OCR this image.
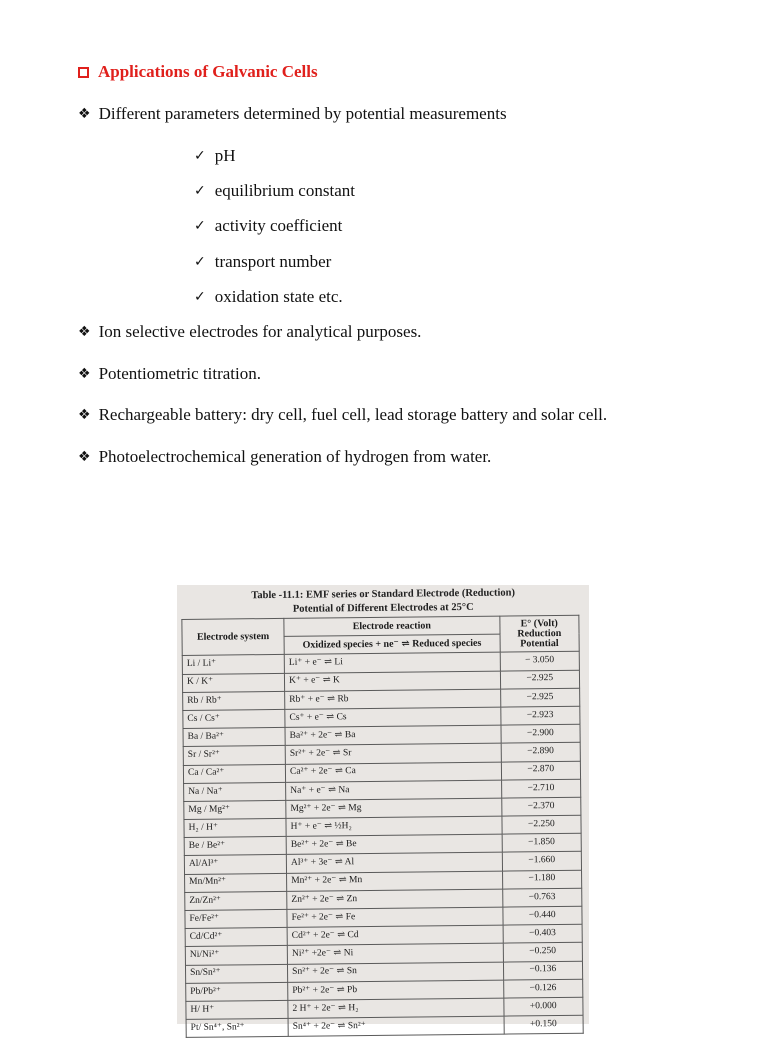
Applications of Galvanic Cells
❖ Different parameters determined by potential measurements
✓ pH
✓ equilibrium constant
✓ activity coefficient
✓ transport number
✓ oxidation state etc.
❖ Ion selective electrodes for analytical purposes.
❖ Potentiometric titration.
❖ Rechargeable battery: dry cell, fuel cell, lead storage battery and solar cell.
❖ Photoelectrochemical generation of hydrogen from water.
Table -11.1: EMF series or Standard Electrode (Reduction)
Potential of Different Electrodes at 25°C
Electrode system	Electrode reaction	E° (Volt) Reduction Potential
	Oxidized species + ne⁻ ⇌ Reduced species	
Li / Li⁺	Li⁺ + e⁻ ⇌ Li	− 3.050
K / K⁺	K⁺ + e⁻ ⇌ K	−2.925
Rb / Rb⁺	Rb⁺ + e⁻ ⇌ Rb	−2.925
Cs / Cs⁺	Cs⁺ + e⁻ ⇌ Cs	−2.923
Ba / Ba²⁺	Ba²⁺ + 2e⁻ ⇌ Ba	−2.900
Sr / Sr²⁺	Sr²⁺ + 2e⁻ ⇌ Sr	−2.890
Ca / Ca²⁺	Ca²⁺ + 2e⁻ ⇌ Ca	−2.870
Na / Na⁺	Na⁺ + e⁻ ⇌ Na	−2.710
Mg / Mg²⁺	Mg²⁺ + 2e⁻ ⇌ Mg	−2.370
H₂ / H⁺	H⁺ + e⁻ ⇌ ½H₂	−2.250
Be / Be²⁺	Be²⁺ + 2e⁻ ⇌ Be	−1.850
Al/Al³⁺	Al³⁺ + 3e⁻ ⇌ Al	−1.660
Mn/Mn²⁺	Mn²⁺ + 2e⁻ ⇌ Mn	−1.180
Zn/Zn²⁺	Zn²⁺ + 2e⁻ ⇌ Zn	−0.763
Fe/Fe²⁺	Fe²⁺ + 2e⁻ ⇌ Fe	−0.440
Cd/Cd²⁺	Cd²⁺ + 2e⁻ ⇌ Cd	−0.403
Ni/Ni²⁺	Ni²⁺ +2e⁻ ⇌ Ni	−0.250
Sn/Sn²⁺	Sn²⁺ + 2e⁻ ⇌ Sn	−0.136
Pb/Pb²⁺	Pb²⁺ + 2e⁻ ⇌ Pb	−0.126
H/ H⁺	2 H⁺ + 2e⁻ ⇌ H₂	+0.000
Pt/ Sn⁴⁺, Sn²⁺	Sn⁴⁺ + 2e⁻ ⇌ Sn²⁺	+0.150
